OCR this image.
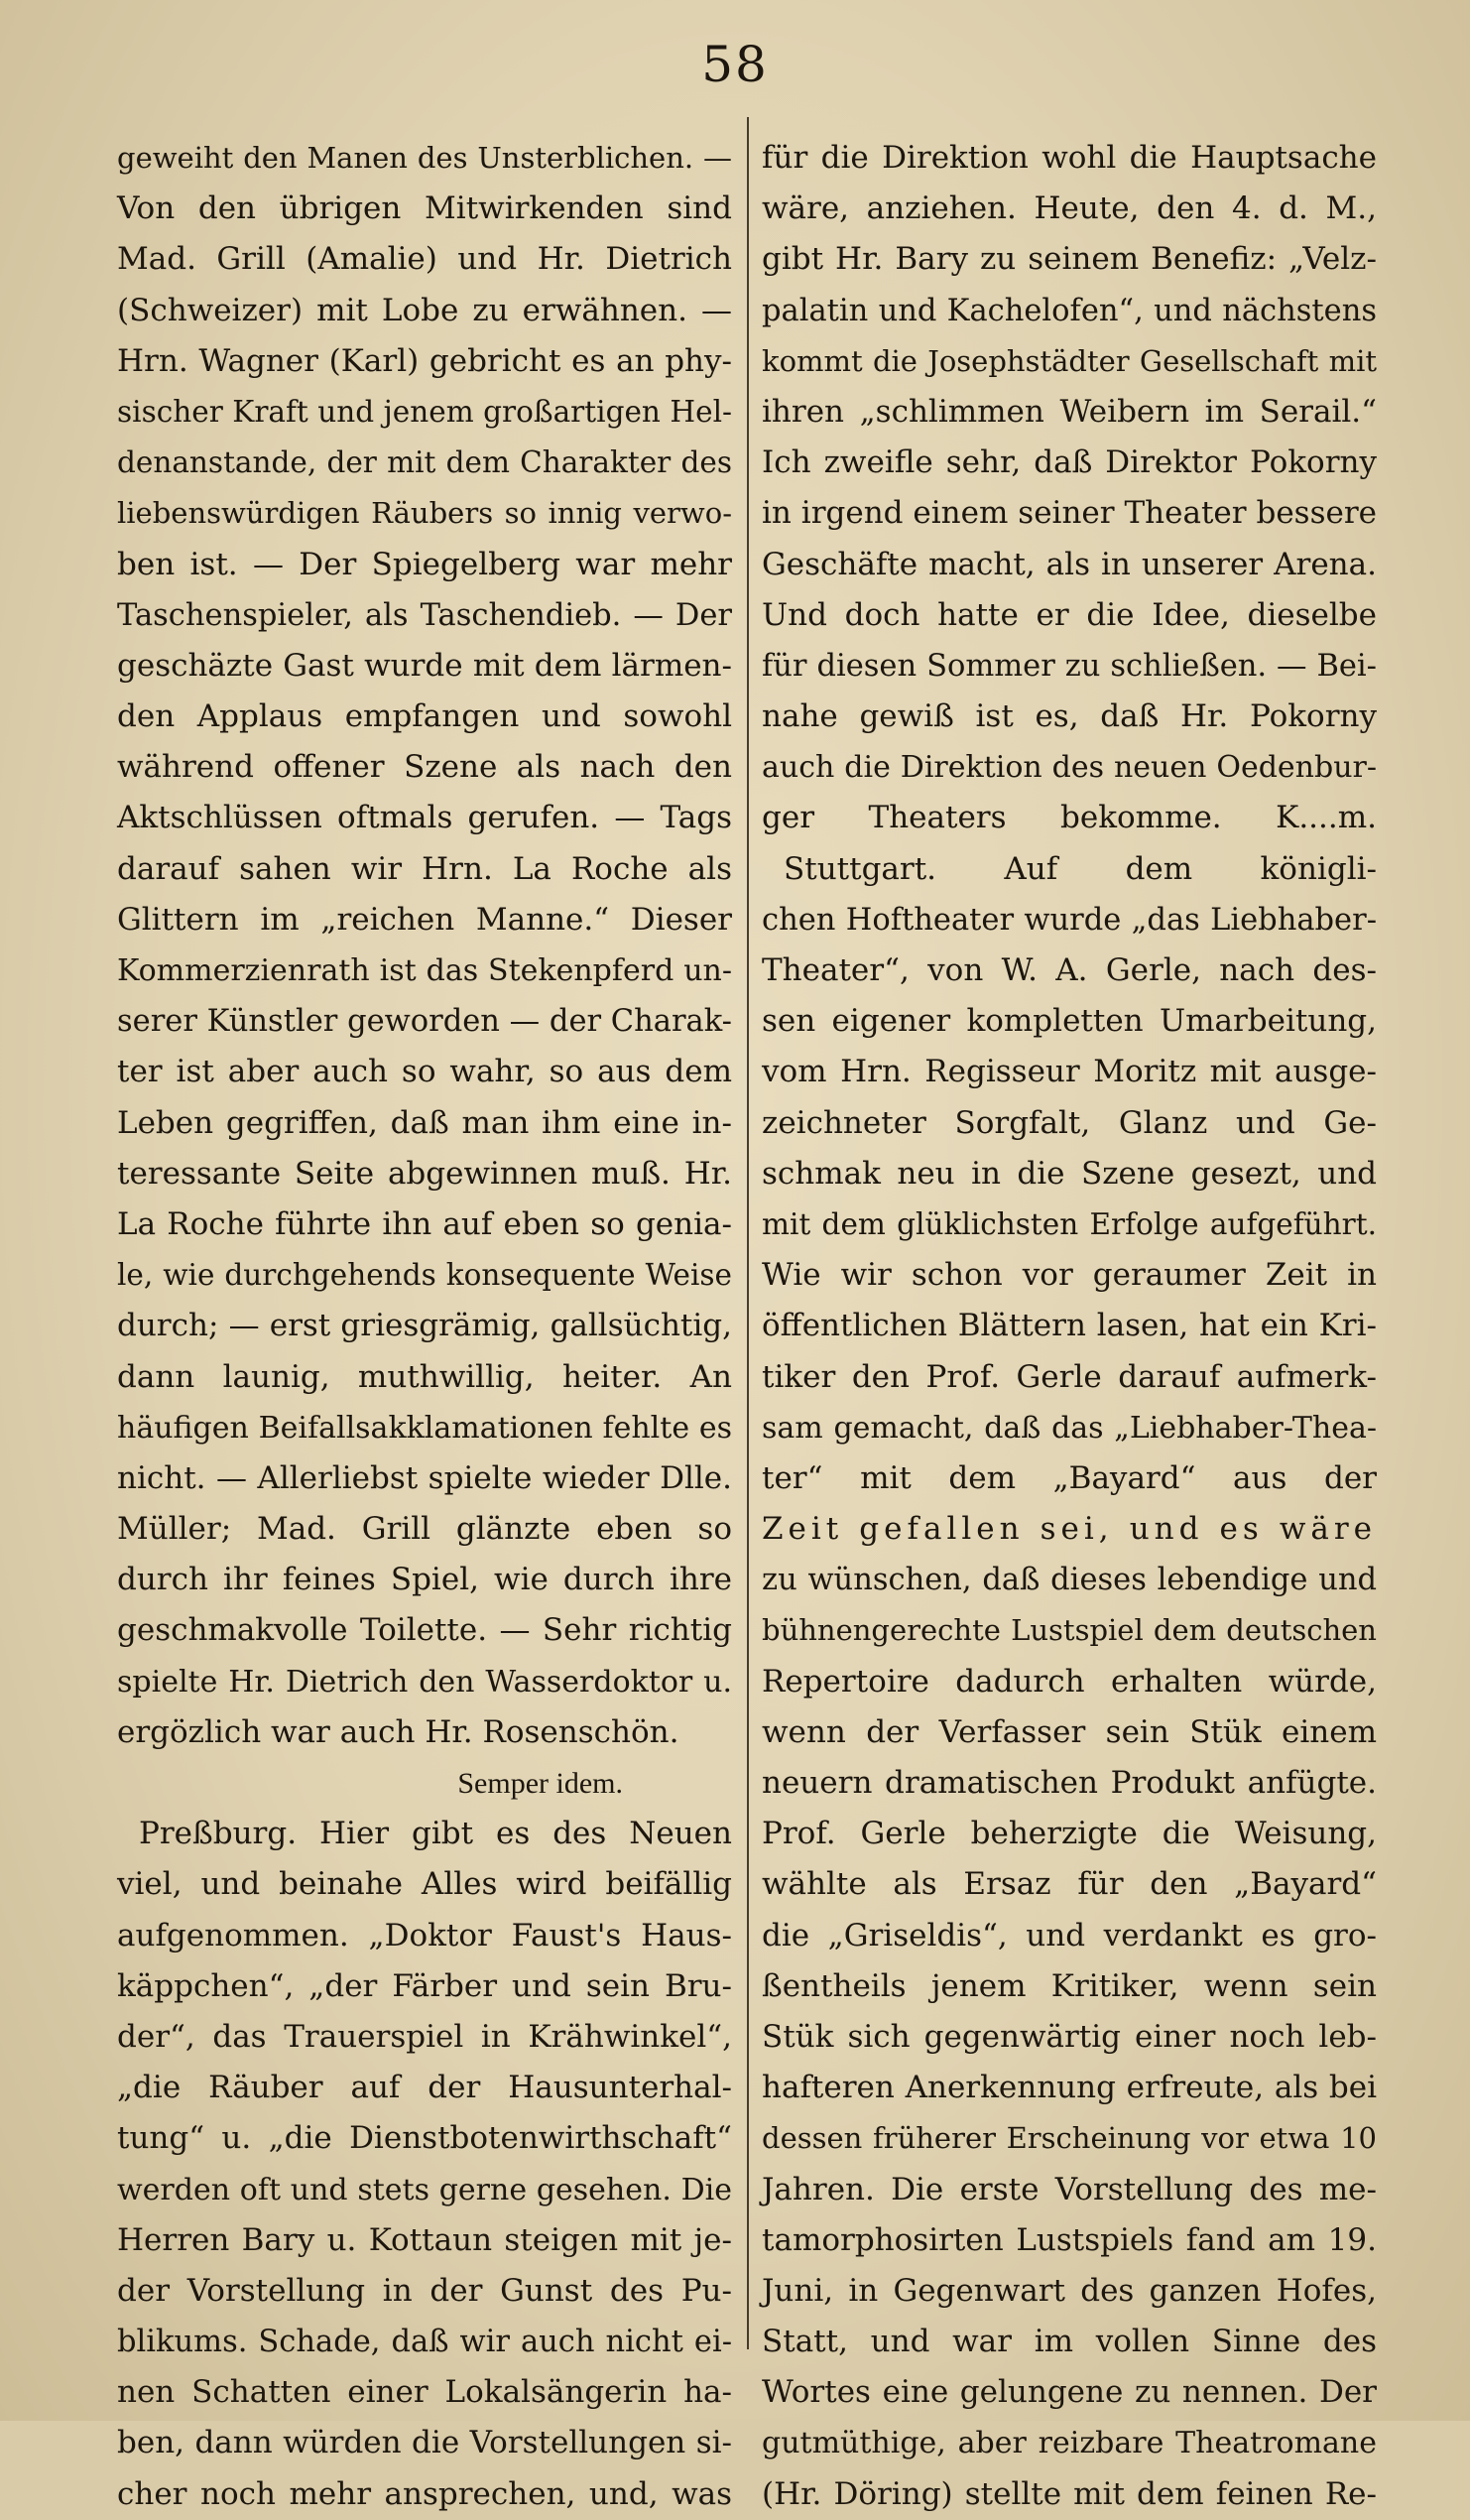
58
geweiht den Manen des Unsterblichen. —
Von den übrigen Mitwirkenden sind
Mad. Grill (Amalie) und Hr. Dietrich
(Schweizer) mit Lobe zu erwähnen. —
Hrn. Wagner (Karl) gebricht es an phy-
sischer Kraft und jenem großartigen Hel-
denanstande, der mit dem Charakter des
liebenswürdigen Räubers so innig verwo-
ben ist. — Der Spiegelberg war mehr
Taschenspieler, als Taschendieb. — Der
geschäzte Gast wurde mit dem lärmen-
den Applaus empfangen und sowohl
während offener Szene als nach den
Aktschlüssen oftmals gerufen. — Tags
darauf sahen wir Hrn. La Roche als
Glittern im „reichen Manne.“ Dieser
Kommerzienrath ist das Stekenpferd un-
serer Künstler geworden — der Charak-
ter ist aber auch so wahr, so aus dem
Leben gegriffen, daß man ihm eine in-
teressante Seite abgewinnen muß. Hr.
La Roche führte ihn auf eben so genia-
le, wie durchgehends konsequente Weise
durch; — erst griesgrämig, gallsüchtig,
dann launig, muthwillig, heiter. An
häufigen Beifallsakklamationen fehlte es
nicht. — Allerliebst spielte wieder Dlle.
Müller; Mad. Grill glänzte eben so
durch ihr feines Spiel, wie durch ihre
geschmakvolle Toilette. — Sehr richtig
spielte Hr. Dietrich den Wasserdoktor u.
ergözlich war auch Hr. Rosenschön.
Semper idem.
Preßburg. Hier gibt es des Neuen
viel, und beinahe Alles wird beifällig
aufgenommen. „Doktor Faust's Haus-
käppchen“, „der Färber und sein Bru-
der“, das Trauerspiel in Krähwinkel“,
„die Räuber auf der Hausunterhal-
tung“ u. „die Dienstbotenwirthschaft“
werden oft und stets gerne gesehen. Die
Herren Bary u. Kottaun steigen mit je-
der Vorstellung in der Gunst des Pu-
blikums. Schade, daß wir auch nicht ei-
nen Schatten einer Lokalsängerin ha-
ben, dann würden die Vorstellungen si-
cher noch mehr ansprechen, und, was
für die Direktion wohl die Hauptsache
wäre, anziehen. Heute, den 4. d. M.,
gibt Hr. Bary zu seinem Benefiz: „Velz-
palatin und Kachelofen“, und nächstens
kommt die Josephstädter Gesellschaft mit
ihren „schlimmen Weibern im Serail.“
Ich zweifle sehr, daß Direktor Pokorny
in irgend einem seiner Theater bessere
Geschäfte macht, als in unserer Arena.
Und doch hatte er die Idee, dieselbe
für diesen Sommer zu schließen. — Bei-
nahe gewiß ist es, daß Hr. Pokorny
auch die Direktion des neuen Oedenbur-
ger Theaters bekomme. K....m.
Stuttgart. Auf dem königli-
chen Hoftheater wurde „das Liebhaber-
Theater“, von W. A. Gerle, nach des-
sen eigener kompletten Umarbeitung,
vom Hrn. Regisseur Moritz mit ausge-
zeichneter Sorgfalt, Glanz und Ge-
schmak neu in die Szene gesezt, und
mit dem glüklichsten Erfolge aufgeführt.
Wie wir schon vor geraumer Zeit in
öffentlichen Blättern lasen, hat ein Kri-
tiker den Prof. Gerle darauf aufmerk-
sam gemacht, daß das „Liebhaber-Thea-
ter“ mit dem „Bayard“ aus der
Zeit gefallen sei, und es wäre
zu wünschen, daß dieses lebendige und
bühnengerechte Lustspiel dem deutschen
Repertoire dadurch erhalten würde,
wenn der Verfasser sein Stük einem
neuern dramatischen Produkt anfügte.
Prof. Gerle beherzigte die Weisung,
wählte als Ersaz für den „Bayard“
die „Griseldis“, und verdankt es gro-
ßentheils jenem Kritiker, wenn sein
Stük sich gegenwärtig einer noch leb-
hafteren Anerkennung erfreute, als bei
dessen früherer Erscheinung vor etwa 10
Jahren. Die erste Vorstellung des me-
tamorphosirten Lustspiels fand am 19.
Juni, in Gegenwart des ganzen Hofes,
Statt, und war im vollen Sinne des
Wortes eine gelungene zu nennen. Der
gutmüthige, aber reizbare Theatromane
(Hr. Döring) stellte mit dem feinen Re-
